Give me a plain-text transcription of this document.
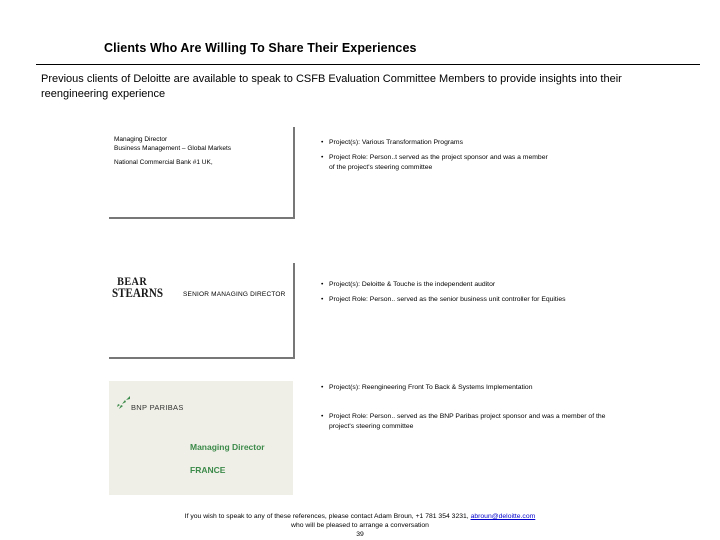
Clients Who Are Willing To Share Their Experiences
Previous clients of Deloitte are available to speak to CSFB Evaluation Committee Members to provide insights into their reengineering experience
Managing Director
Business Management – Global Markets
National Commercial Bank #1 UK,
BEAR
STEARNS	SENIOR MANAGING DIRECTOR
BNP PARIBAS
Managing Director
FRANCE
• Project(s): Various Transformation Programs
• Project Role: Person..t served as the project sponsor and was a member of the project's steering committee
• Project(s): Deloitte & Touche is the independent auditor
• Project Role: Person.. served as the senior business unit controller for Equities
• Project(s): Reengineering Front To Back & Systems Implementation
• Project Role: Person.. served as the BNP Paribas project sponsor and was a member of the project's steering committee
If you wish to speak to any of these references, please contact Adam Broun, +1 781 354 3231, abroun@deloitte.com
who will be pleased to arrange a conversation
39
